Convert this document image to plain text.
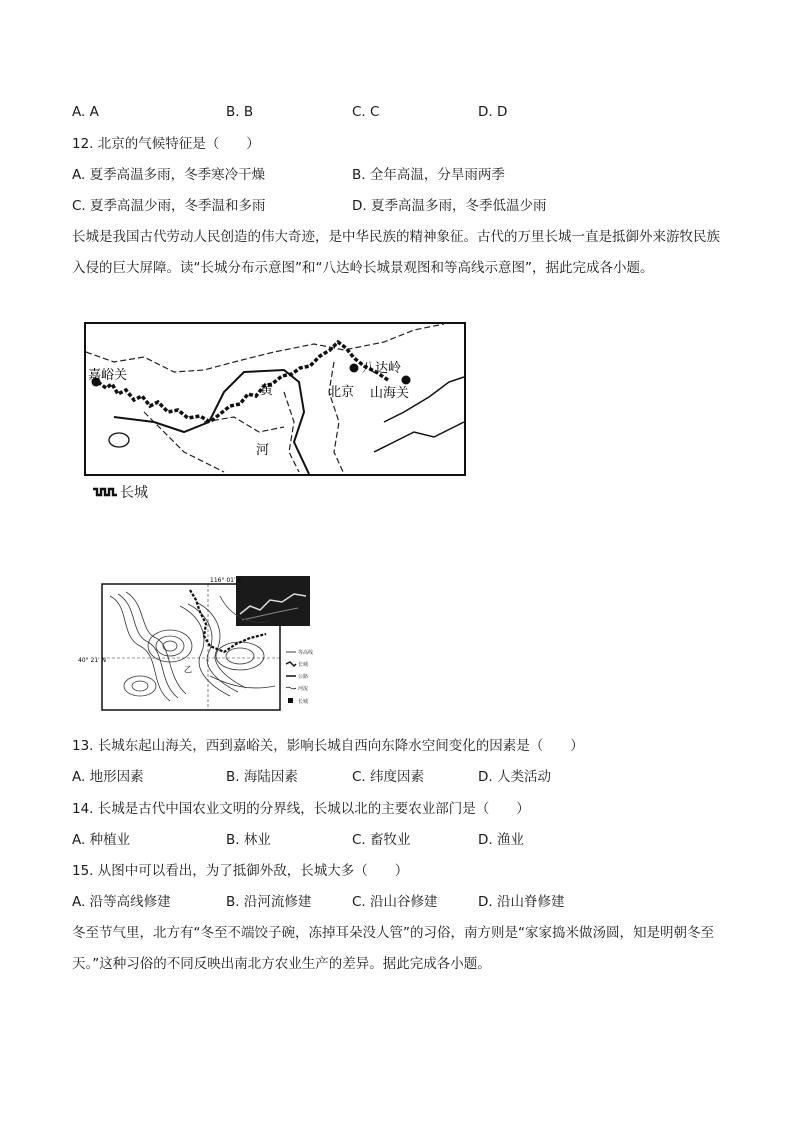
A. A	B. B	C. C	D. D
12. 北京的气候特征是（　　）
A. 夏季高温多雨，冬季寒冷干燥	B. 全年高温，分旱雨两季
C. 夏季高温少雨，冬季温和多雨	D. 夏季高温多雨，冬季低温少雨
长城是我国古代劳动人民创造的伟大奇迹，是中华民族的精神象征。古代的万里长城一直是抵御外来游牧民族入侵的巨大屏障。读“长城分布示意图”和“八达岭长城景观图和等高线示意图”，据此完成各小题。
嘉峪关	八达岭
北京 山海关
黄
河
长城
116° 01′ E
40° 21′ N
乙
等高线
长城
公路
河流
长城
13. 长城东起山海关，西到嘉峪关，影响长城自西向东降水空间变化的因素是（　　）
A. 地形因素	B. 海陆因素	C. 纬度因素	D. 人类活动
14. 长城是古代中国农业文明的分界线，长城以北的主要农业部门是（　　）
A. 种植业	B. 林业	C. 畜牧业	D. 渔业
15. 从图中可以看出，为了抵御外敌，长城大多（　　）
A. 沿等高线修建	B. 沿河流修建	C. 沿山谷修建	D. 沿山脊修建
冬至节气里，北方有“冬至不端饺子碗，冻掉耳朵没人管”的习俗，南方则是“家家捣米做汤圆，知是明朝冬至天。”这种习俗的不同反映出南北方农业生产的差异。据此完成各小题。
